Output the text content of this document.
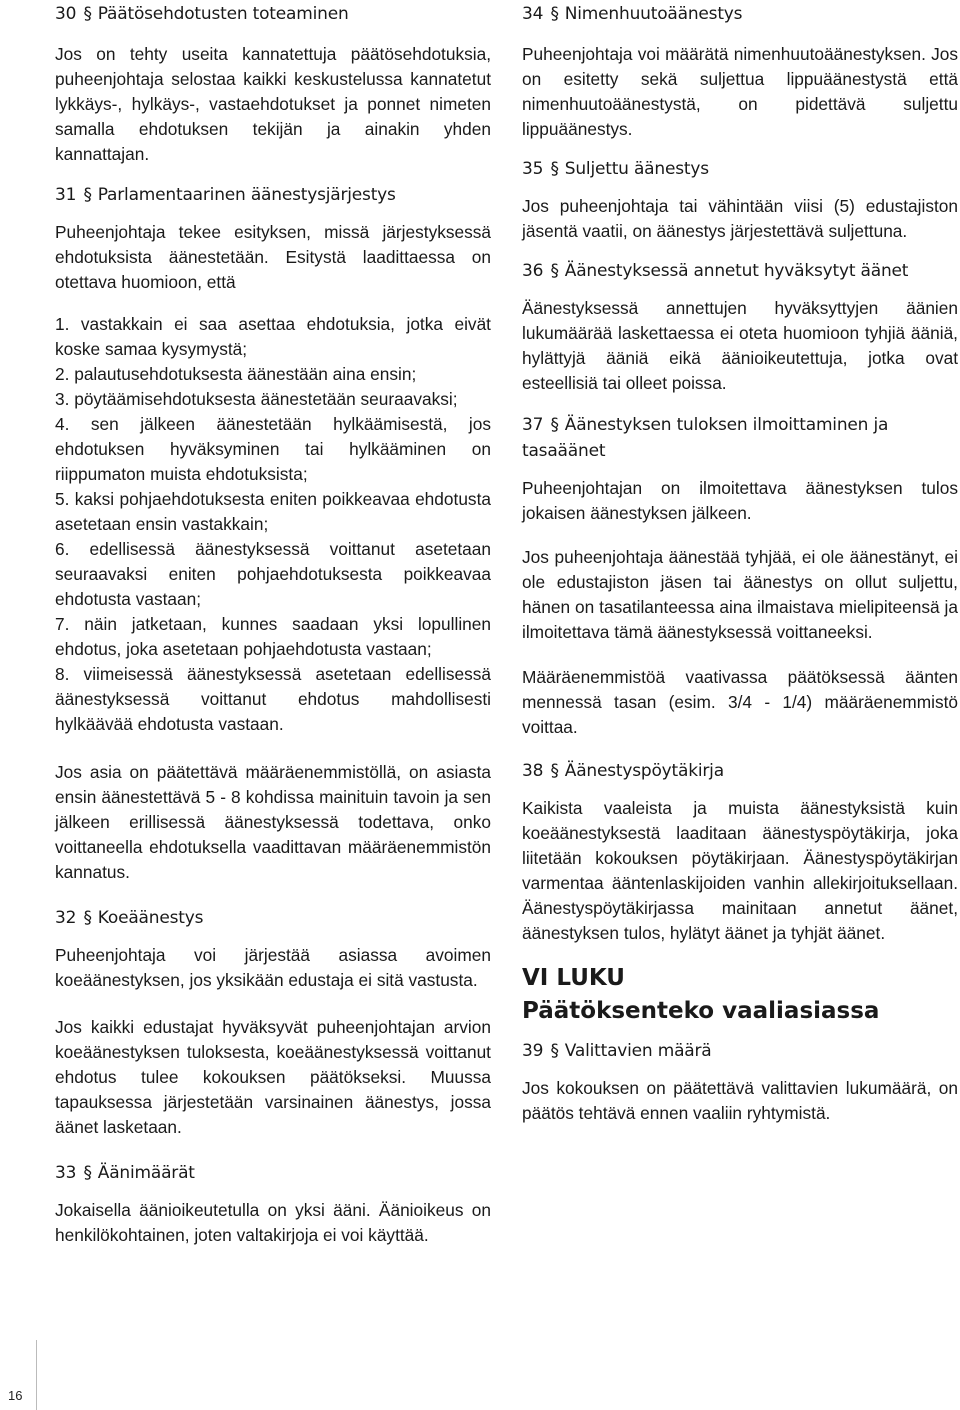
16
30 § Päätösehdotusten toteaminen

Jos on tehty useita kannatettuja päätösehdotuksia, puheenjohtaja selostaa kaikki keskustelussa kannatetut lykkäys-, hylkäys-, vastaehdotukset ja ponnet nimeten samalla ehdotuksen tekijän ja ainakin yhden kannattajan.

31 § Parlamentaarinen äänestysjärjestys

Puheenjohtaja tekee esityksen, missä järjestyksessä ehdotuksista äänestetään. Esitystä laadittaessa on otettava huomioon, että

1. vastakkain ei saa asettaa ehdotuksia, jotka eivät koske samaa kysymystä;

2. palautusehdotuksesta äänestään aina ensin;

3. pöytäämisehdotuksesta äänestetään seuraavaksi;

4. sen jälkeen äänestetään hylkäämisestä, jos ehdotuksen hyväksyminen tai hylkääminen on riippumaton muista ehdotuksista;

5. kaksi pohjaehdotuksesta eniten poikkeavaa ehdotusta asetetaan ensin vastakkain;

6. edellisessä äänestyksessä voittanut asetetaan seuraavaksi eniten pohjaehdotuksesta poikkeavaa ehdotusta vastaan;

7. näin jatketaan, kunnes saadaan yksi lopullinen ehdotus, joka asetetaan pohjaehdotusta vastaan;

8. viimeisessä äänestyksessä asetetaan edellisessä äänestyksessä voittanut ehdotus mahdollisesti hylkäävää ehdotusta vastaan.

Jos asia on päätettävä määräenemmistöllä, on asiasta ensin äänestettävä 5 - 8 kohdissa mainituin tavoin ja sen jälkeen erillisessä äänestyksessä todettava, onko voittaneella ehdotuksella vaadittavan määräenemmistön kannatus.

32 § Koeäänestys

Puheenjohtaja voi järjestää asiassa avoimen koeäänestyksen, jos yksikään edustaja ei sitä vastusta.

Jos kaikki edustajat hyväksyvät puheenjohtajan arvion koeäänestyksen tuloksesta, koeäänestyksessä voittanut ehdotus tulee kokouksen päätökseksi. Muussa tapauksessa järjestetään varsinainen äänestys, jossa äänet lasketaan.

33 § Äänimäärät

Jokaisella äänioikeutetulla on yksi ääni. Äänioikeus on henkilökohtainen, joten valtakirjoja ei voi käyttää.

34 § Nimenhuutoäänestys

Puheenjohtaja voi määrätä nimenhuutoäänestyksen. Jos on esitetty sekä suljettua lippuäänestystä että nimenhuutoäänestystä, on pidettävä suljettu lippuäänestys.

35 § Suljettu äänestys

Jos puheenjohtaja tai vähintään viisi (5) edustajiston jäsentä vaatii, on äänestys järjestettävä suljettuna.

36 § Äänestyksessä annetut hyväksytyt äänet

Äänestyksessä annettujen hyväksyttyjen äänien lukumäärää laskettaessa ei oteta huomioon tyhjiä ääniä, hylättyjä ääniä eikä äänioikeutettuja, jotka ovat esteellisiä tai olleet poissa.

37 § Äänestyksen tuloksen ilmoittaminen ja tasaäänet

Puheenjohtajan on ilmoitettava äänestyksen tulos jokaisen äänestyksen jälkeen.

Jos puheenjohtaja äänestää tyhjää, ei ole äänestänyt, ei ole edustajiston jäsen tai äänestys on ollut suljettu, hänen on tasatilanteessa aina ilmaistava mielipiteensä ja ilmoitettava tämä äänestyksessä voittaneeksi.

Määräenemmistöä vaativassa päätöksessä äänten mennessä tasan (esim. 3/4 - 1/4) määräenemmistö voittaa.

38 § Äänestyspöytäkirja

Kaikista vaaleista ja muista äänestyksistä kuin koeäänestyksestä laaditaan äänestyspöytäkirja, joka liitetään kokouksen pöytäkirjaan. Äänestyspöytäkirjan varmentaa ääntenlaskijoiden vanhin allekirjoituksellaan. Äänestyspöytäkirjassa mainitaan annetut äänet, äänestyksen tulos, hylätyt äänet ja tyhjät äänet.

VI LUKU
Päätöksenteko vaaliasiassa
39 § Valittavien määrä

Jos kokouksen on päätettävä valittavien lukumäärä, on päätös tehtävä ennen vaaliin ryhtymistä.
